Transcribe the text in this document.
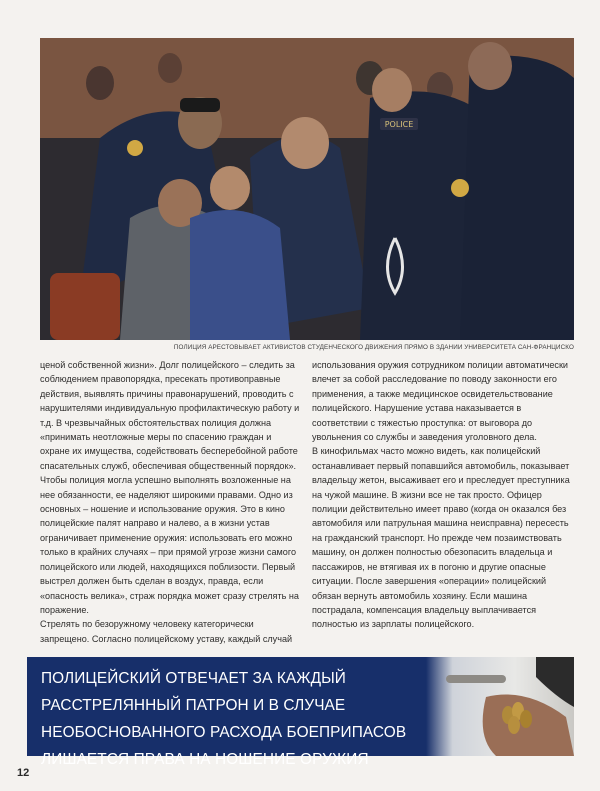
POLICE
ПОЛИЦИЯ АРЕСТОВЫВАЕТ АКТИВИСТОВ СТУДЕНЧЕСКОГО ДВИЖЕНИЯ ПРЯМО В ЗДАНИИ УНИВЕРСИТЕТА САН-ФРАНЦИСКО

ценой собственной жизни». Долг полицейского – следить за соблюдением правопорядка, пресекать противоправные действия, выявлять причины правонарушений, проводить с нарушителями индивидуальную профилактическую работу и т.д. В чрезвычайных обстоятельствах полиция должна «принимать неотложные меры по спасению граждан и охране их имущества, содействовать бесперебойной работе спасательных служб, обеспечивая общественный порядок».

Чтобы полиция могла успешно выполнять возложенные на нее обязанности, ее наделяют широкими правами. Одно из основных – ношение и использование оружия. Это в кино полицейские палят направо и налево, а в жизни устав ограничивает применение оружия: использовать его можно только в крайних случаях – при прямой угрозе жизни самого полицейского или людей, находящихся поблизости. Первый выстрел должен быть сделан в воздух, правда, если «опасность велика», страж порядка может сразу стрелять на поражение.

Стрелять по безоружному человеку категорически запрещено. Согласно полицейскому уставу, каждый случай

использования оружия сотрудником полиции автоматически влечет за собой расследование по поводу законности его применения, а также медицинское освидетельствование полицейского. Нарушение устава наказывается в соответствии с тяжестью проступка: от выговора до увольнения со службы и заведения уголовного дела.

В кинофильмах часто можно видеть, как полицейский останавливает первый попавшийся автомобиль, показывает владельцу жетон, высаживает его и преследует преступника на чужой машине. В жизни все не так просто. Офицер полиции действительно имеет право (когда он оказался без автомобиля или патрульная машина неисправна) пересесть на гражданский транспорт. Но прежде чем позаимствовать машину, он должен полностью обезопасить владельца и пассажиров, не втягивая их в погоню и другие опасные ситуации. После завершения «операции» полицейский обязан вернуть автомобиль хозяину. Если машина пострадала, компенсация владельцу выплачивается полностью из зарплаты полицейского.

ПОЛИЦЕЙСКИЙ ОТВЕЧАЕТ ЗА КАЖДЫЙ РАССТРЕЛЯННЫЙ ПАТРОН И В СЛУЧАЕ НЕОБОСНОВАННОГО РАСХОДА БОЕПРИПАСОВ ЛИШАЕТСЯ ПРАВА НА НОШЕНИЕ ОРУЖИЯ
12
